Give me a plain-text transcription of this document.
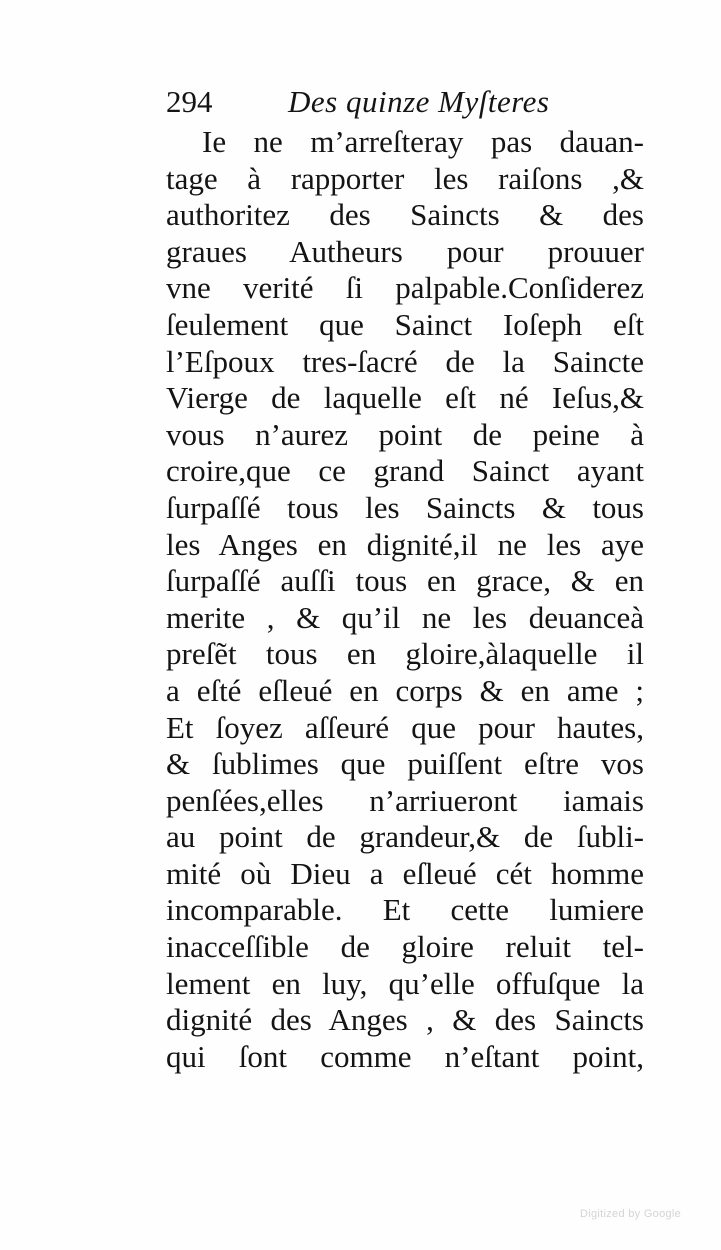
294 Des quinze Myſteres
Ie ne m’arreſteray pas dauan-
tage à rapporter les raiſons ,&
authoritez des Saincts & des
graues Autheurs pour prouuer
vne verité ſi palpable.Conſiderez
ſeulement que Sainct Ioſeph eſt
l’Eſpoux tres-ſacré de la Saincte
Vierge de laquelle eſt né Ieſus,&
vous n’aurez point de peine à
croire,que ce grand Sainct ayant
ſurpaſſé tous les Saincts & tous
les Anges en dignité,il ne les aye
ſurpaſſé auſſi tous en grace, & en
merite , & qu’il ne les deuanceà
preſẽt tous en gloire,àlaquelle il
a eſté eſleué en corps & en ame ;
Et ſoyez aſſeuré que pour hautes,
& ſublimes que puiſſent eſtre vos
penſées,elles n’arriueront iamais
au point de grandeur,& de ſubli-
mité où Dieu a eſleué cét homme
incomparable. Et cette lumiere
inacceſſible de gloire reluit tel-
lement en luy, qu’elle offuſque la
dignité des Anges , & des Saincts
qui ſont comme n’eſtant point,
Digitized by Google
